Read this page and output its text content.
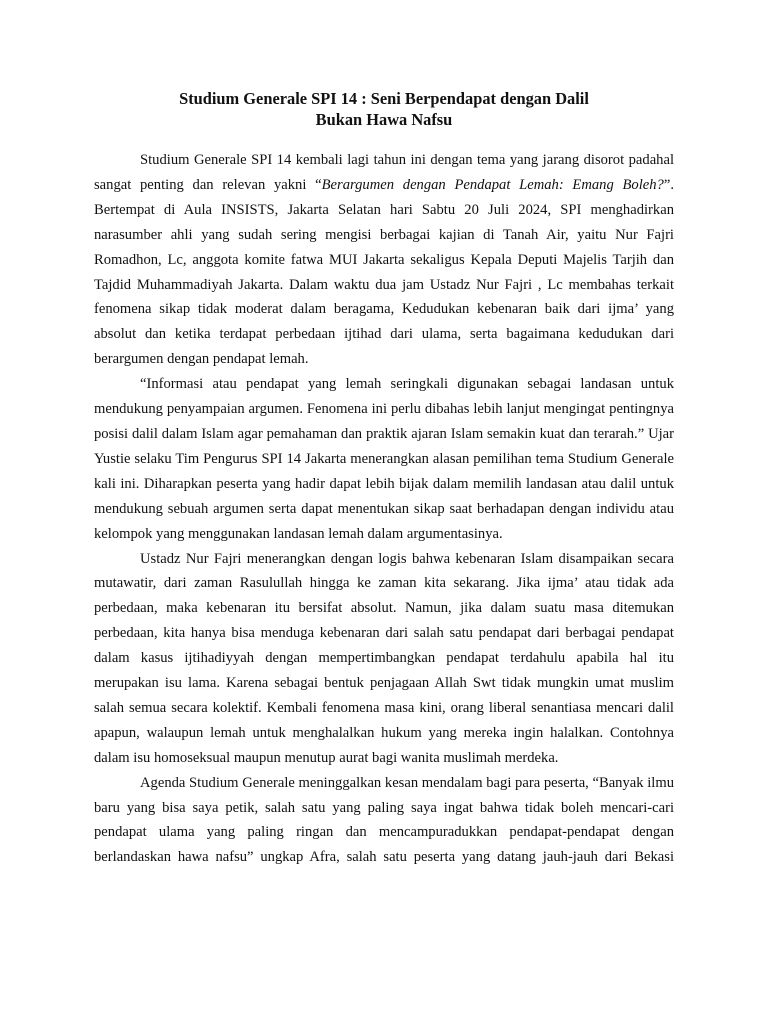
Studium Generale SPI 14 : Seni Berpendapat dengan Dalil
Bukan Hawa Nafsu

Studium Generale SPI 14 kembali lagi tahun ini dengan tema yang jarang disorot padahal sangat penting dan relevan yakni “Berargumen dengan Pendapat Lemah: Emang Boleh?”. Bertempat di Aula INSISTS, Jakarta Selatan hari Sabtu 20 Juli 2024, SPI menghadirkan narasumber ahli yang sudah sering mengisi berbagai kajian di Tanah Air, yaitu Nur Fajri Romadhon, Lc, anggota komite fatwa MUI Jakarta sekaligus Kepala Deputi Majelis Tarjih dan Tajdid Muhammadiyah Jakarta. Dalam waktu dua jam Ustadz Nur Fajri , Lc membahas terkait fenomena sikap tidak moderat dalam beragama, Kedudukan kebenaran baik dari ijma’ yang absolut dan ketika terdapat perbedaan ijtihad dari ulama, serta bagaimana kedudukan dari berargumen dengan pendapat lemah.

“Informasi atau pendapat yang lemah seringkali digunakan sebagai landasan untuk mendukung penyampaian argumen. Fenomena ini perlu dibahas lebih lanjut mengingat pentingnya posisi dalil dalam Islam agar pemahaman dan praktik ajaran Islam semakin kuat dan terarah.” Ujar Yustie selaku Tim Pengurus SPI 14 Jakarta menerangkan alasan pemilihan tema Studium Generale kali ini. Diharapkan peserta yang hadir dapat lebih bijak dalam memilih landasan atau dalil untuk mendukung sebuah argumen serta dapat menentukan sikap saat berhadapan dengan individu atau kelompok yang menggunakan landasan lemah dalam argumentasinya.

Ustadz Nur Fajri menerangkan dengan logis bahwa kebenaran Islam disampaikan secara mutawatir, dari zaman Rasulullah hingga ke zaman kita sekarang. Jika ijma’ atau tidak ada perbedaan, maka kebenaran itu bersifat absolut. Namun, jika dalam suatu masa ditemukan perbedaan, kita hanya bisa menduga kebenaran dari salah satu pendapat dari berbagai pendapat dalam kasus ijtihadiyyah dengan mempertimbangkan pendapat terdahulu apabila hal itu merupakan isu lama. Karena sebagai bentuk penjagaan Allah Swt tidak mungkin umat muslim salah semua secara kolektif. Kembali fenomena masa kini, orang liberal senantiasa mencari dalil apapun, walaupun lemah untuk menghalalkan hukum yang mereka ingin halalkan. Contohnya dalam isu homoseksual maupun menutup aurat bagi wanita muslimah merdeka.

Agenda Studium Generale meninggalkan kesan mendalam bagi para peserta, “Banyak ilmu baru yang bisa saya petik, salah satu yang paling saya ingat bahwa tidak boleh mencari-cari pendapat ulama yang paling ringan dan mencampuradukkan pendapat-pendapat dengan berlandaskan hawa nafsu” ungkap Afra, salah satu peserta yang datang jauh-jauh dari Bekasi
